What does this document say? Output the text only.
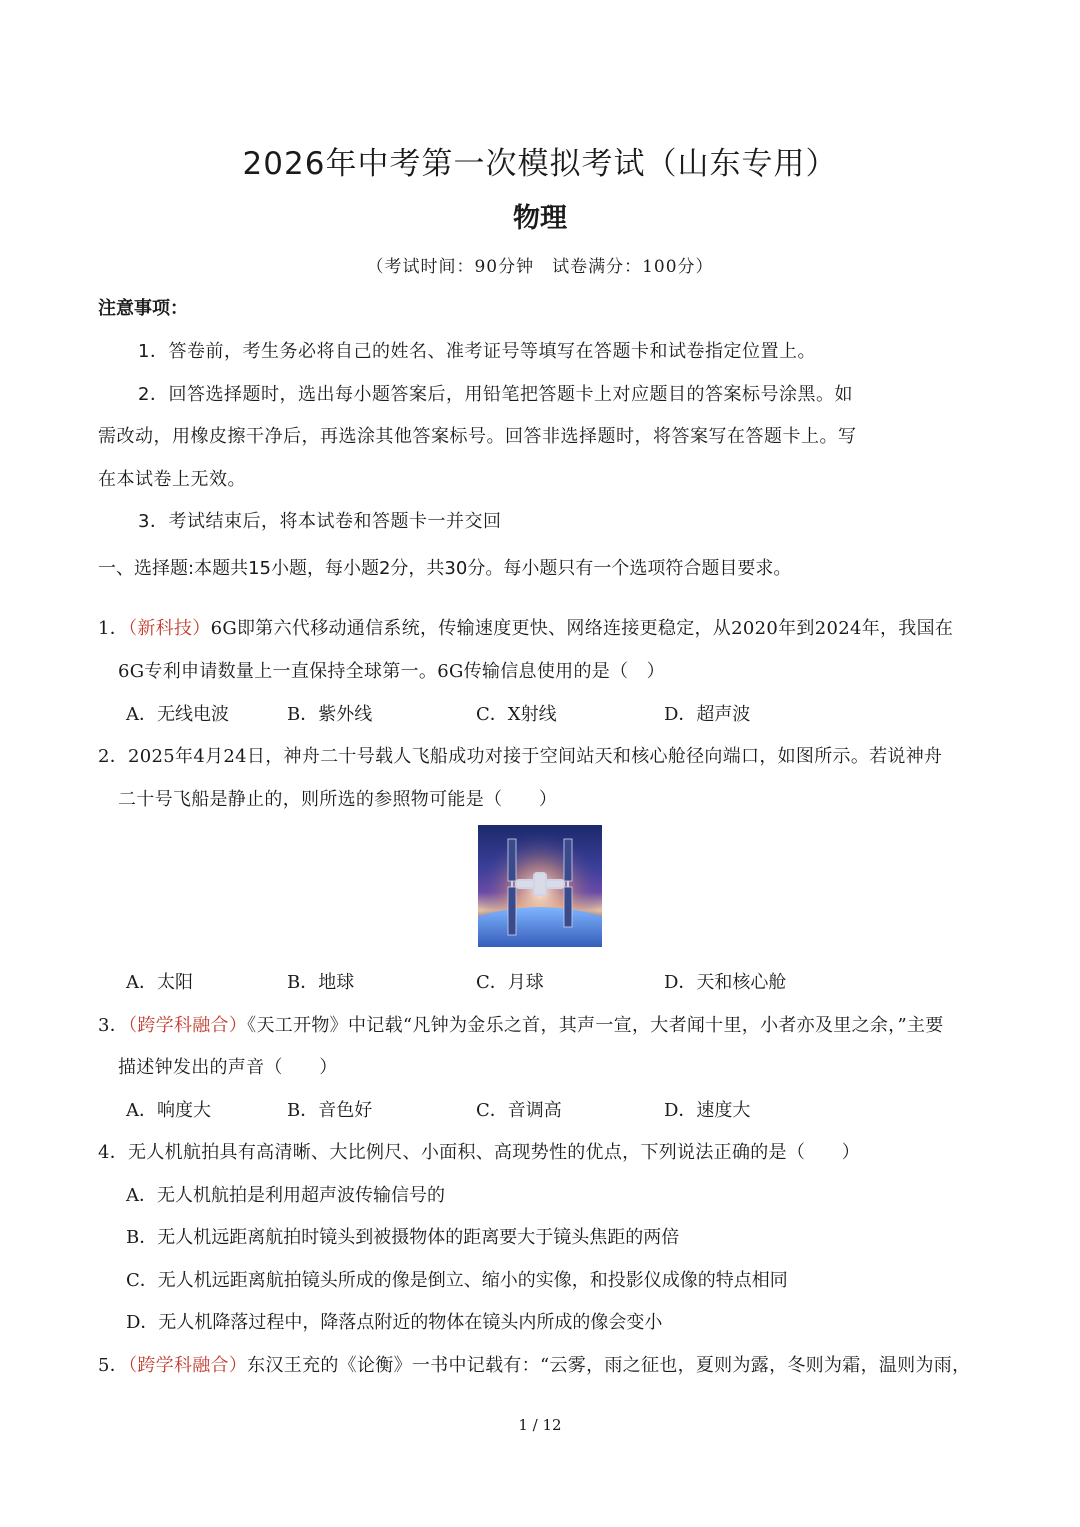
2026年中考第一次模拟考试（山东专用）
物理
（考试时间：90分钟　试卷满分：100分）
注意事项：
1．答卷前，考生务必将自己的姓名、准考证号等填写在答题卡和试卷指定位置上。
2．回答选择题时，选出每小题答案后，用铅笔把答题卡上对应题目的答案标号涂黑。如
需改动，用橡皮擦干净后，再选涂其他答案标号。回答非选择题时，将答案写在答题卡上。写
在本试卷上无效。
3．考试结束后，将本试卷和答题卡一并交回
一、选择题:本题共15小题，每小题2分，共30分。每小题只有一个选项符合题目要求。
1．（新科技）6G即第六代移动通信系统，传输速度更快、网络连接更稳定，从2020年到2024年，我国在
6G专利申请数量上一直保持全球第一。6G传输信息使用的是（　）
A．无线电波	B．紫外线	C．X射线	D．超声波
2．2025年4月24日，神舟二十号载人飞船成功对接于空间站天和核心舱径向端口，如图所示。若说神舟
二十号飞船是静止的，则所选的参照物可能是（　　）
A．太阳	B．地球	C．月球	D．天和核心舱
3．（跨学科融合）《天工开物》中记载“凡钟为金乐之首，其声一宣，大者闻十里，小者亦及里之余，”主要
描述钟发出的声音（　　）
A．响度大	B．音色好	C．音调高	D．速度大
4．无人机航拍具有高清晰、大比例尺、小面积、高现势性的优点，下列说法正确的是（　　）
A．无人机航拍是利用超声波传输信号的
B．无人机远距离航拍时镜头到被摄物体的距离要大于镜头焦距的两倍
C．无人机远距离航拍镜头所成的像是倒立、缩小的实像，和投影仪成像的特点相同
D．无人机降落过程中，降落点附近的物体在镜头内所成的像会变小
5．（跨学科融合）东汉王充的《论衡》一书中记载有：“云雾，雨之征也，夏则为露，冬则为霜，温则为雨，
1 / 12
